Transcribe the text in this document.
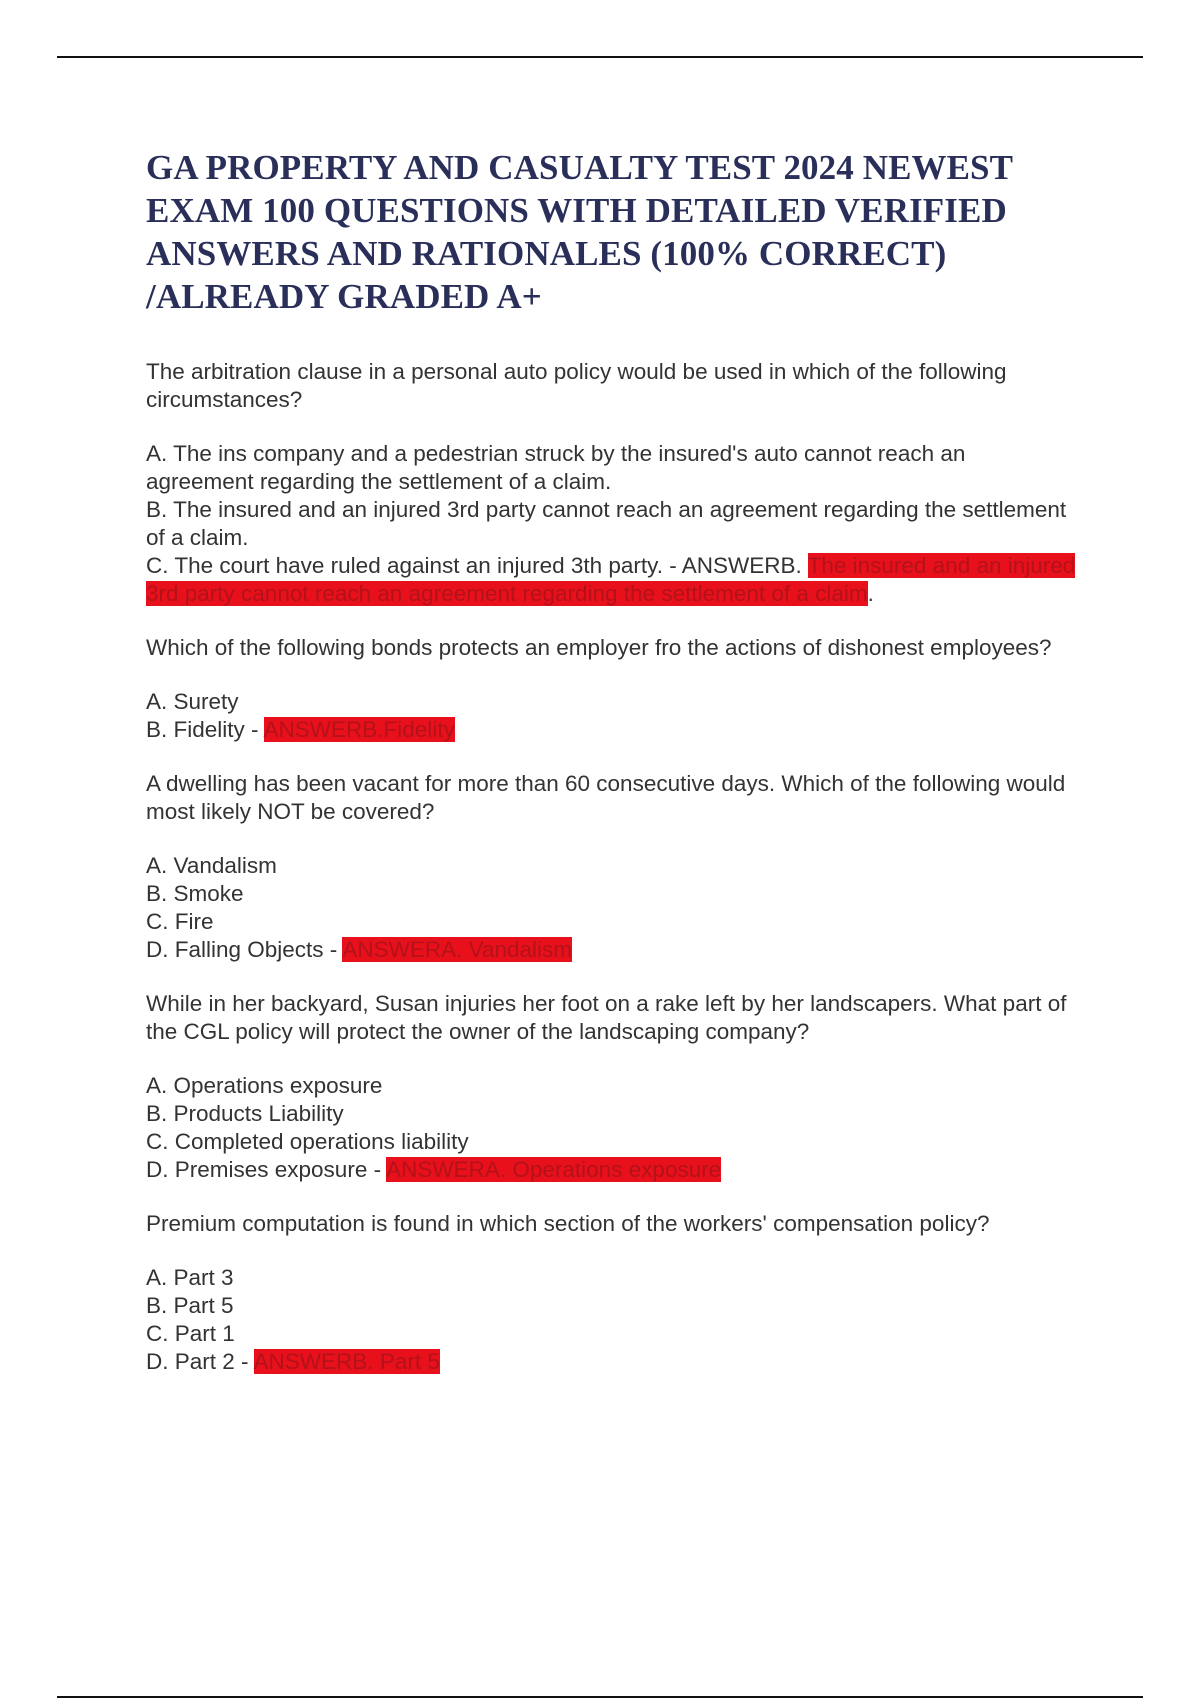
GA PROPERTY AND CASUALTY TEST 2024 NEWEST EXAM 100 QUESTIONS WITH DETAILED VERIFIED ANSWERS AND RATIONALES (100% CORRECT) /ALREADY GRADED A+

The arbitration clause in a personal auto policy would be used in which of the following circumstances?

A. The ins company and a pedestrian struck by the insured's auto cannot reach an agreement regarding the settlement of a claim.

B. The insured and an injured 3rd party cannot reach an agreement regarding the settlement of a claim.

C. The court have ruled against an injured 3th party. - ANSWERB. The insured and an injured 3rd party cannot reach an agreement regarding the settlement of a claim.

Which of the following bonds protects an employer fro the actions of dishonest employees?

A. Surety

B. Fidelity - ANSWERB.Fidelity

A dwelling has been vacant for more than 60 consecutive days. Which of the following would most likely NOT be covered?

A. Vandalism

B. Smoke

C. Fire

D. Falling Objects - ANSWERA. Vandalism

While in her backyard, Susan injuries her foot on a rake left by her landscapers. What part of the CGL policy will protect the owner of the landscaping company?

A. Operations exposure

B. Products Liability

C. Completed operations liability

D. Premises exposure - ANSWERA. Operations exposure

Premium computation is found in which section of the workers' compensation policy?

A. Part 3

B. Part 5

C. Part 1

D. Part 2 - ANSWERB. Part 5
